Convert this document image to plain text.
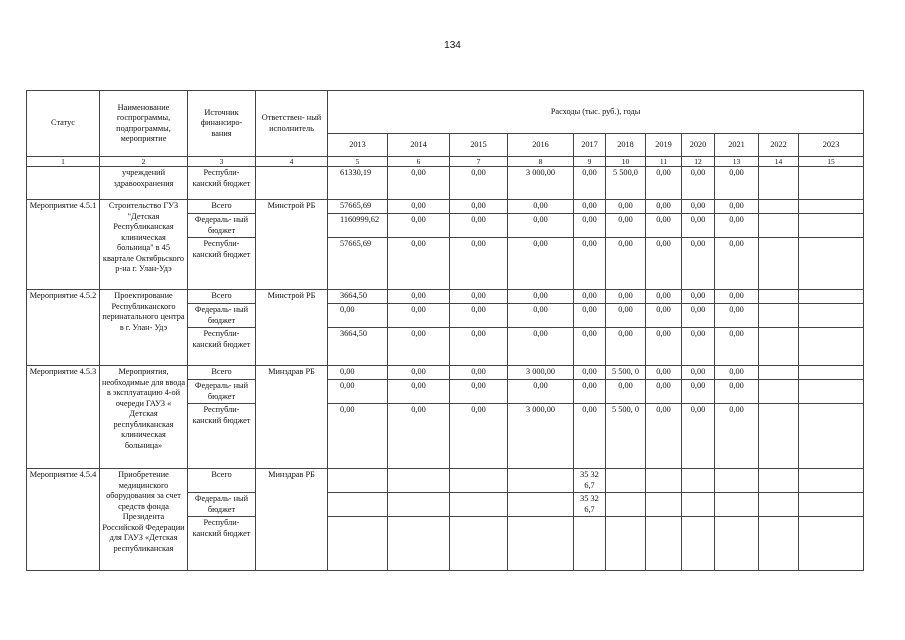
134
Статус	Наименование госпрограммы, подпрограммы, мероприятие	Источник финансиро- вания	Ответствен- ный исполнитель	Расходы (тыс. руб.), годы										
				2013	2014	2015	2016	2017	2018	2019	2020	2021	2022	2023
1	2	3	4	5	6	7	8	9	10	11	12	13	14	15
	учреждений здравоохранения	Республи- канский бюджет		61330,19	0,00	0,00	3 000,00	0,00	5 500,0	0,00	0,00	0,00		
Мероприятие 4.5.1	Строительство ГУЗ "Детская Республиканская клиническая больница" в 45 квартале Октябрьского р-на г. Улан-Удэ	Всего	Минстрой РБ	57665,69	0,00	0,00	0,00	0,00	0,00	0,00	0,00	0,00		
		Федераль- ный бюджет		1160999,62	0,00	0,00	0,00	0,00	0,00	0,00	0,00	0,00		
		Республи- канский бюджет		57665,69	0,00	0,00	0,00	0,00	0,00	0,00	0,00	0,00		
Мероприятие 4.5.2	Проектирование Республиканского перинатального центра в г. Улан- Удэ	Всего	Минстрой РБ	3664,50	0,00	0,00	0,00	0,00	0,00	0,00	0,00	0,00		
		Федераль- ный бюджет		0,00	0,00	0,00	0,00	0,00	0,00	0,00	0,00	0,00		
		Республи- канский бюджет		3664,50	0,00	0,00	0,00	0,00	0,00	0,00	0,00	0,00		
Мероприятие 4.5.3	Мероприятия, необходимые для ввода в эксплуатацию 4-ой очереди ГАУЗ « Детская республиканская клиническая больница»	Всего	Минздрав РБ	0,00	0,00	0,00	3 000,00	0,00	5 500, 0	0,00	0,00	0,00		
		Федераль- ный бюджет		0,00	0,00	0,00	0,00	0,00	0,00	0,00	0,00	0,00		
		Республи- канский бюджет		0,00	0,00	0,00	3 000,00	0,00	5 500, 0	0,00	0,00	0,00		
Мероприятие 4.5.4	Приобретение медицинского оборудования за счет средств фонда Президента Российской Федерации для ГАУЗ «Детская республиканская	Всего	Минздрав РБ					35 32 6,7						
		Федераль- ный бюджет						35 32 6,7						
		Республи- канский бюджет												
